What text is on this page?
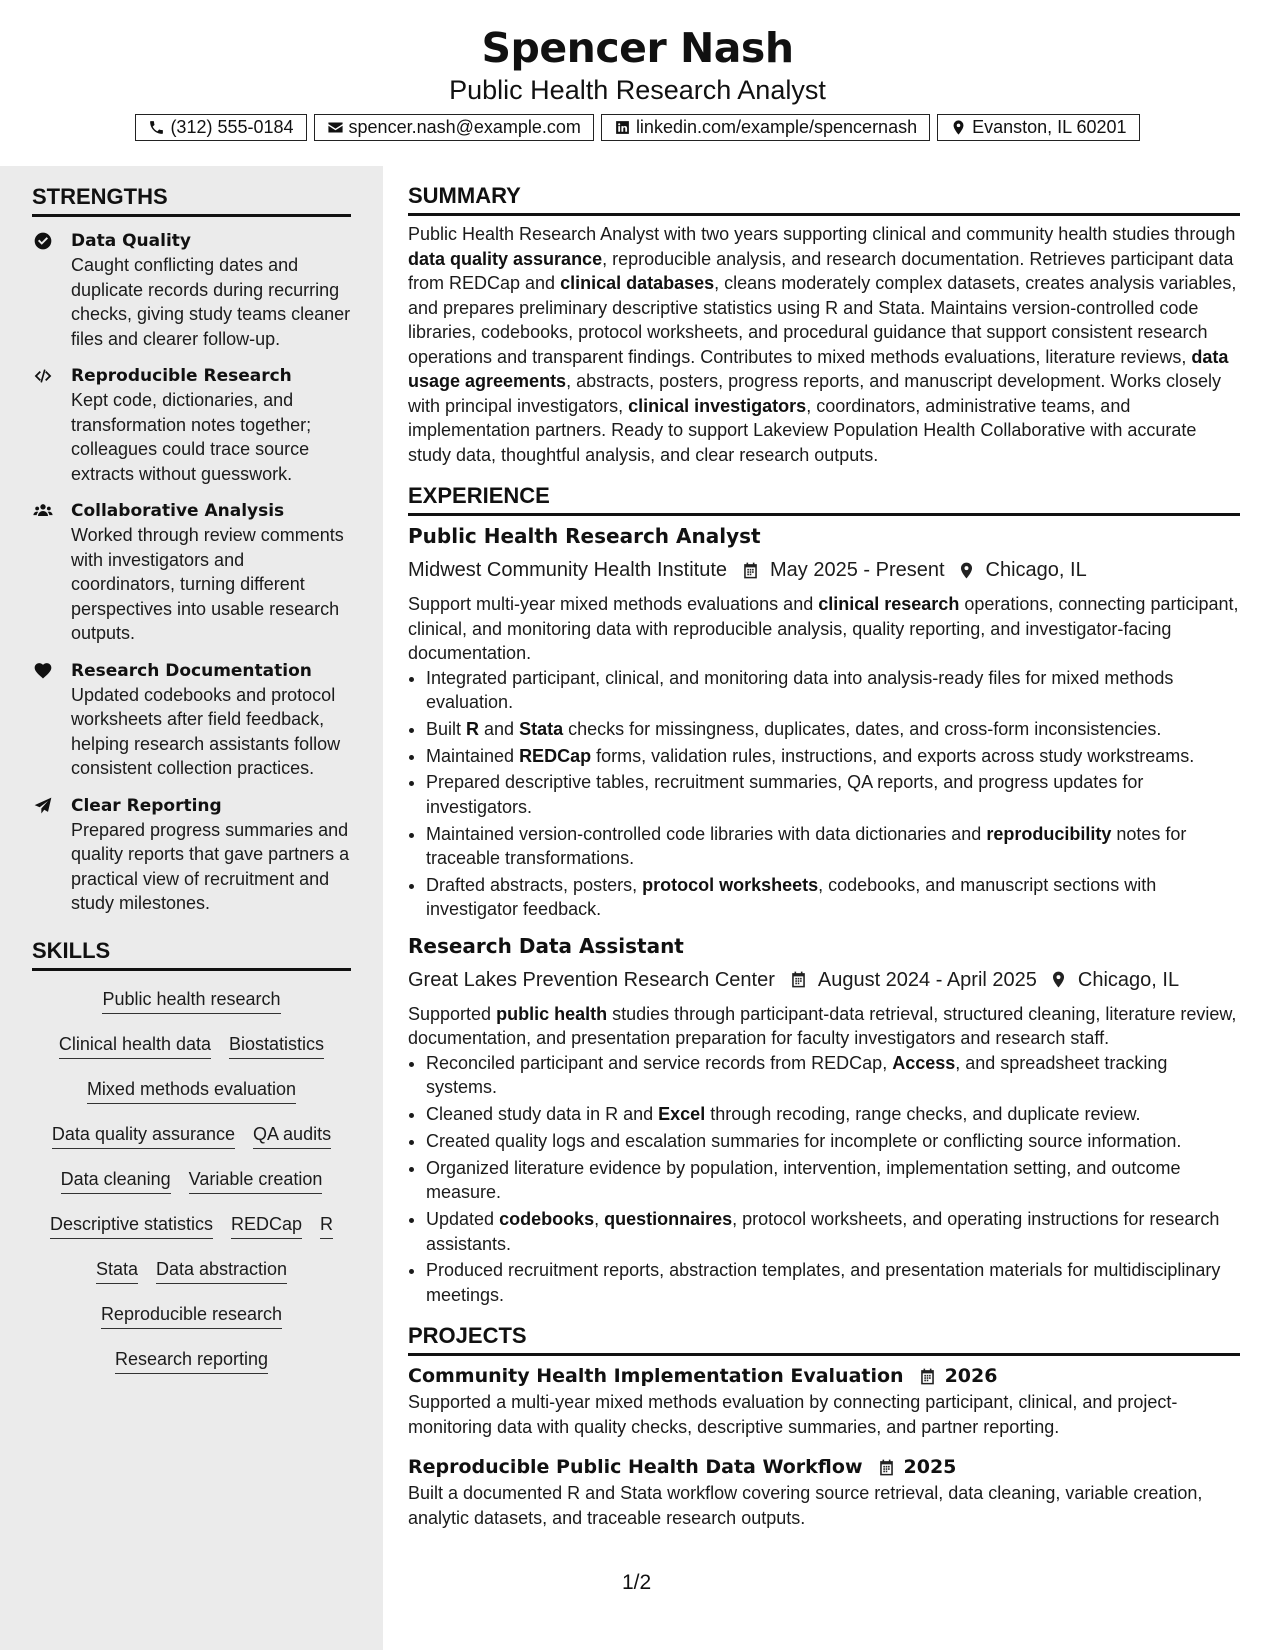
Spencer Nash
Public Health Research Analyst
(312) 555-0184	spencer.nash@example.com	linkedin.com/example/spencernash	Evanston, IL 60201
STRENGTHS
Data Quality
Caught conflicting dates and duplicate records during recurring checks, giving study teams cleaner files and clearer follow-up.
Reproducible Research
Kept code, dictionaries, and transformation notes together; colleagues could trace source extracts without guesswork.
Collaborative Analysis
Worked through review comments with investigators and coordinators, turning different perspectives into usable research outputs.
Research Documentation
Updated codebooks and protocol worksheets after field feedback, helping research assistants follow consistent collection practices.
Clear Reporting
Prepared progress summaries and quality reports that gave partners a practical view of recruitment and study milestones.
SKILLS
Public health research
Clinical health data Biostatistics
Mixed methods evaluation
Data quality assurance QA audits
Data cleaning Variable creation
Descriptive statistics REDCap R
Stata Data abstraction
Reproducible research
Research reporting
SUMMARY
Public Health Research Analyst with two years supporting clinical and community health studies through data quality assurance, reproducible analysis, and research documentation. Retrieves participant data from REDCap and clinical databases, cleans moderately complex datasets, creates analysis variables, and prepares preliminary descriptive statistics using R and Stata. Maintains version-controlled code libraries, codebooks, protocol worksheets, and procedural guidance that support consistent research operations and transparent findings. Contributes to mixed methods evaluations, literature reviews, data usage agreements, abstracts, posters, progress reports, and manuscript development. Works closely with principal investigators, clinical investigators, coordinators, administrative teams, and implementation partners. Ready to support Lakeview Population Health Collaborative with accurate study data, thoughtful analysis, and clear research outputs.
EXPERIENCE
Public Health Research Analyst
Midwest Community Health Institute May 2025 - Present Chicago, IL
Support multi-year mixed methods evaluations and clinical research operations, connecting participant, clinical, and monitoring data with reproducible analysis, quality reporting, and investigator-facing documentation.
• Integrated participant, clinical, and monitoring data into analysis-ready files for mixed methods evaluation.
• Built R and Stata checks for missingness, duplicates, dates, and cross-form inconsistencies.
• Maintained REDCap forms, validation rules, instructions, and exports across study workstreams.
• Prepared descriptive tables, recruitment summaries, QA reports, and progress updates for investigators.
• Maintained version-controlled code libraries with data dictionaries and reproducibility notes for traceable transformations.
• Drafted abstracts, posters, protocol worksheets, codebooks, and manuscript sections with investigator feedback.
Research Data Assistant
Great Lakes Prevention Research Center August 2024 - April 2025 Chicago, IL
Supported public health studies through participant-data retrieval, structured cleaning, literature review, documentation, and presentation preparation for faculty investigators and research staff.
• Reconciled participant and service records from REDCap, Access, and spreadsheet tracking systems.
• Cleaned study data in R and Excel through recoding, range checks, and duplicate review.
• Created quality logs and escalation summaries for incomplete or conflicting source information.
• Organized literature evidence by population, intervention, implementation setting, and outcome measure.
• Updated codebooks, questionnaires, protocol worksheets, and operating instructions for research assistants.
• Produced recruitment reports, abstraction templates, and presentation materials for multidisciplinary meetings.
PROJECTS
Community Health Implementation Evaluation 2026
Supported a multi-year mixed methods evaluation by connecting participant, clinical, and project-monitoring data with quality checks, descriptive summaries, and partner reporting.
Reproducible Public Health Data Workflow 2025
Built a documented R and Stata workflow covering source retrieval, data cleaning, variable creation, analytic datasets, and traceable research outputs.
1/2
